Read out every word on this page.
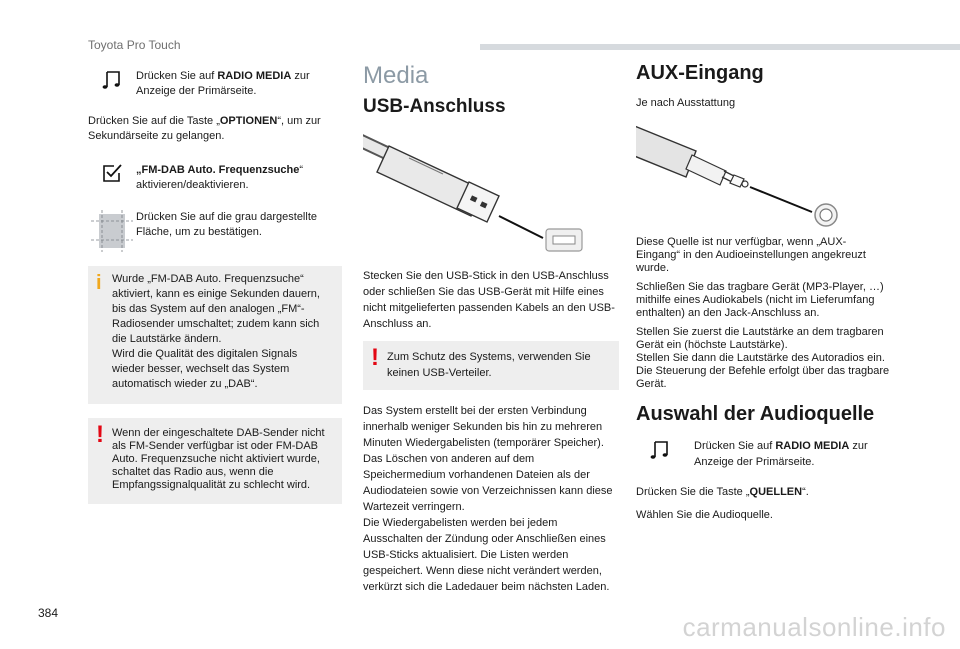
Toyota Pro Touch

Drücken Sie auf RADIO MEDIA zur Anzeige der Primärseite.

Drücken Sie auf die Taste „OPTIONEN“, um zur Sekundärseite zu gelangen.

„FM-DAB Auto. Frequenzsuche“
aktivieren/deaktivieren.

Drücken Sie auf die grau dargestellte Fläche, um zu bestätigen.

i Wurde „FM-DAB Auto. Frequenzsuche“ aktiviert, kann es einige Sekunden dauern, bis das System auf den analogen „FM“-Radiosender umschaltet; zudem kann sich die Lautstärke ändern.
Wird die Qualität des digitalen Signals wieder besser, wechselt das System automatisch wieder zu „DAB“.

! Wenn der eingeschaltete DAB-Sender nicht als FM-Sender verfügbar ist oder FM-DAB Auto. Frequenzsuche nicht aktiviert wurde, schaltet das Radio aus, wenn die Empfangssignalqualität zu schlecht wird.

Media
USB-Anschluss

Stecken Sie den USB-Stick in den USB-Anschluss oder schließen Sie das USB-Gerät mit Hilfe eines nicht mitgelieferten passenden Kabels an den USB-Anschluss an.

! Zum Schutz des Systems, verwenden Sie keinen USB-Verteiler.

Das System erstellt bei der ersten Verbindung innerhalb weniger Sekunden bis hin zu mehreren Minuten Wiedergabelisten (temporärer Speicher).
Das Löschen von anderen auf dem Speichermedium vorhandenen Dateien als der Audiodateien sowie von Verzeichnissen kann diese Wartezeit verringern.
Die Wiedergabelisten werden bei jedem Ausschalten der Zündung oder Anschließen eines USB-Sticks aktualisiert. Die Listen werden gespeichert. Wenn diese nicht verändert werden, verkürzt sich die Ladedauer beim nächsten Laden.

AUX-Eingang

Je nach Ausstattung

Diese Quelle ist nur verfügbar, wenn „AUX-Eingang“ in den Audioeinstellungen angekreuzt wurde.

Schließen Sie das tragbare Gerät (MP3-Player, …) mithilfe eines Audiokabels (nicht im Lieferumfang enthalten) an den Jack-Anschluss an.

Stellen Sie zuerst die Lautstärke an dem tragbaren Gerät ein (höchste Lautstärke).
Stellen Sie dann die Lautstärke des Autoradios ein.
Die Steuerung der Befehle erfolgt über das tragbare Gerät.

Auswahl der Audioquelle

Drücken Sie auf RADIO MEDIA zur Anzeige der Primärseite.

Drücken Sie die Taste „QUELLEN“.

Wählen Sie die Audioquelle.

384	carmanualsonline.info
